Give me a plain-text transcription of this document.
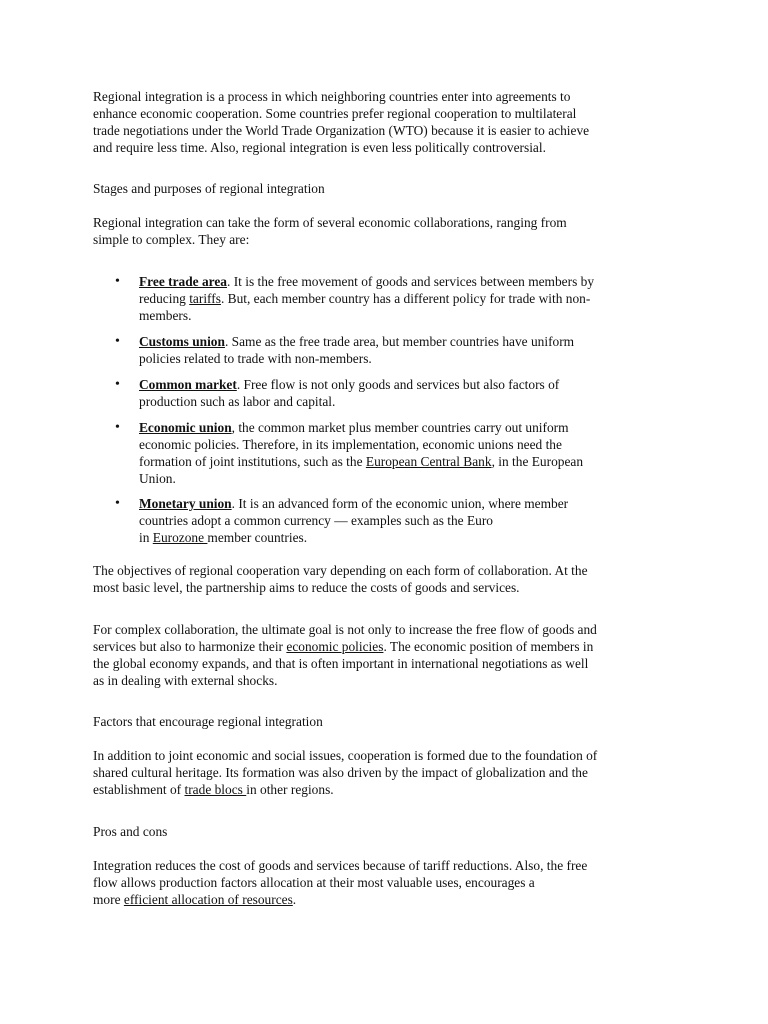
Regional integration is a process in which neighboring countries enter into agreements to
enhance economic cooperation. Some countries prefer regional cooperation to multilateral
trade negotiations under the World Trade Organization (WTO) because it is easier to achieve
and require less time. Also, regional integration is even less politically controversial.

Stages and purposes of regional integration

Regional integration can take the form of several economic collaborations, ranging from
simple to complex. They are:

• Free trade area. It is the free movement of goods and services between members by
reducing tariffs. But, each member country has a different policy for trade with non-
members.
• Customs union. Same as the free trade area, but member countries have uniform
policies related to trade with non-members.
• Common market. Free flow is not only goods and services but also factors of
production such as labor and capital.
• Economic union, the common market plus member countries carry out uniform
economic policies. Therefore, in its implementation, economic unions need the
formation of joint institutions, such as the European Central Bank, in the European
Union.
• Monetary union. It is an advanced form of the economic union, where member
countries adopt a common currency — examples such as the Euro
in Eurozone member countries.

The objectives of regional cooperation vary depending on each form of collaboration. At the
most basic level, the partnership aims to reduce the costs of goods and services.

For complex collaboration, the ultimate goal is not only to increase the free flow of goods and
services but also to harmonize their economic policies. The economic position of members in
the global economy expands, and that is often important in international negotiations as well
as in dealing with external shocks.

Factors that encourage regional integration

In addition to joint economic and social issues, cooperation is formed due to the foundation of
shared cultural heritage. Its formation was also driven by the impact of globalization and the
establishment of trade blocs in other regions.

Pros and cons

Integration reduces the cost of goods and services because of tariff reductions. Also, the free
flow allows production factors allocation at their most valuable uses, encourages a
more efficient allocation of resources.
